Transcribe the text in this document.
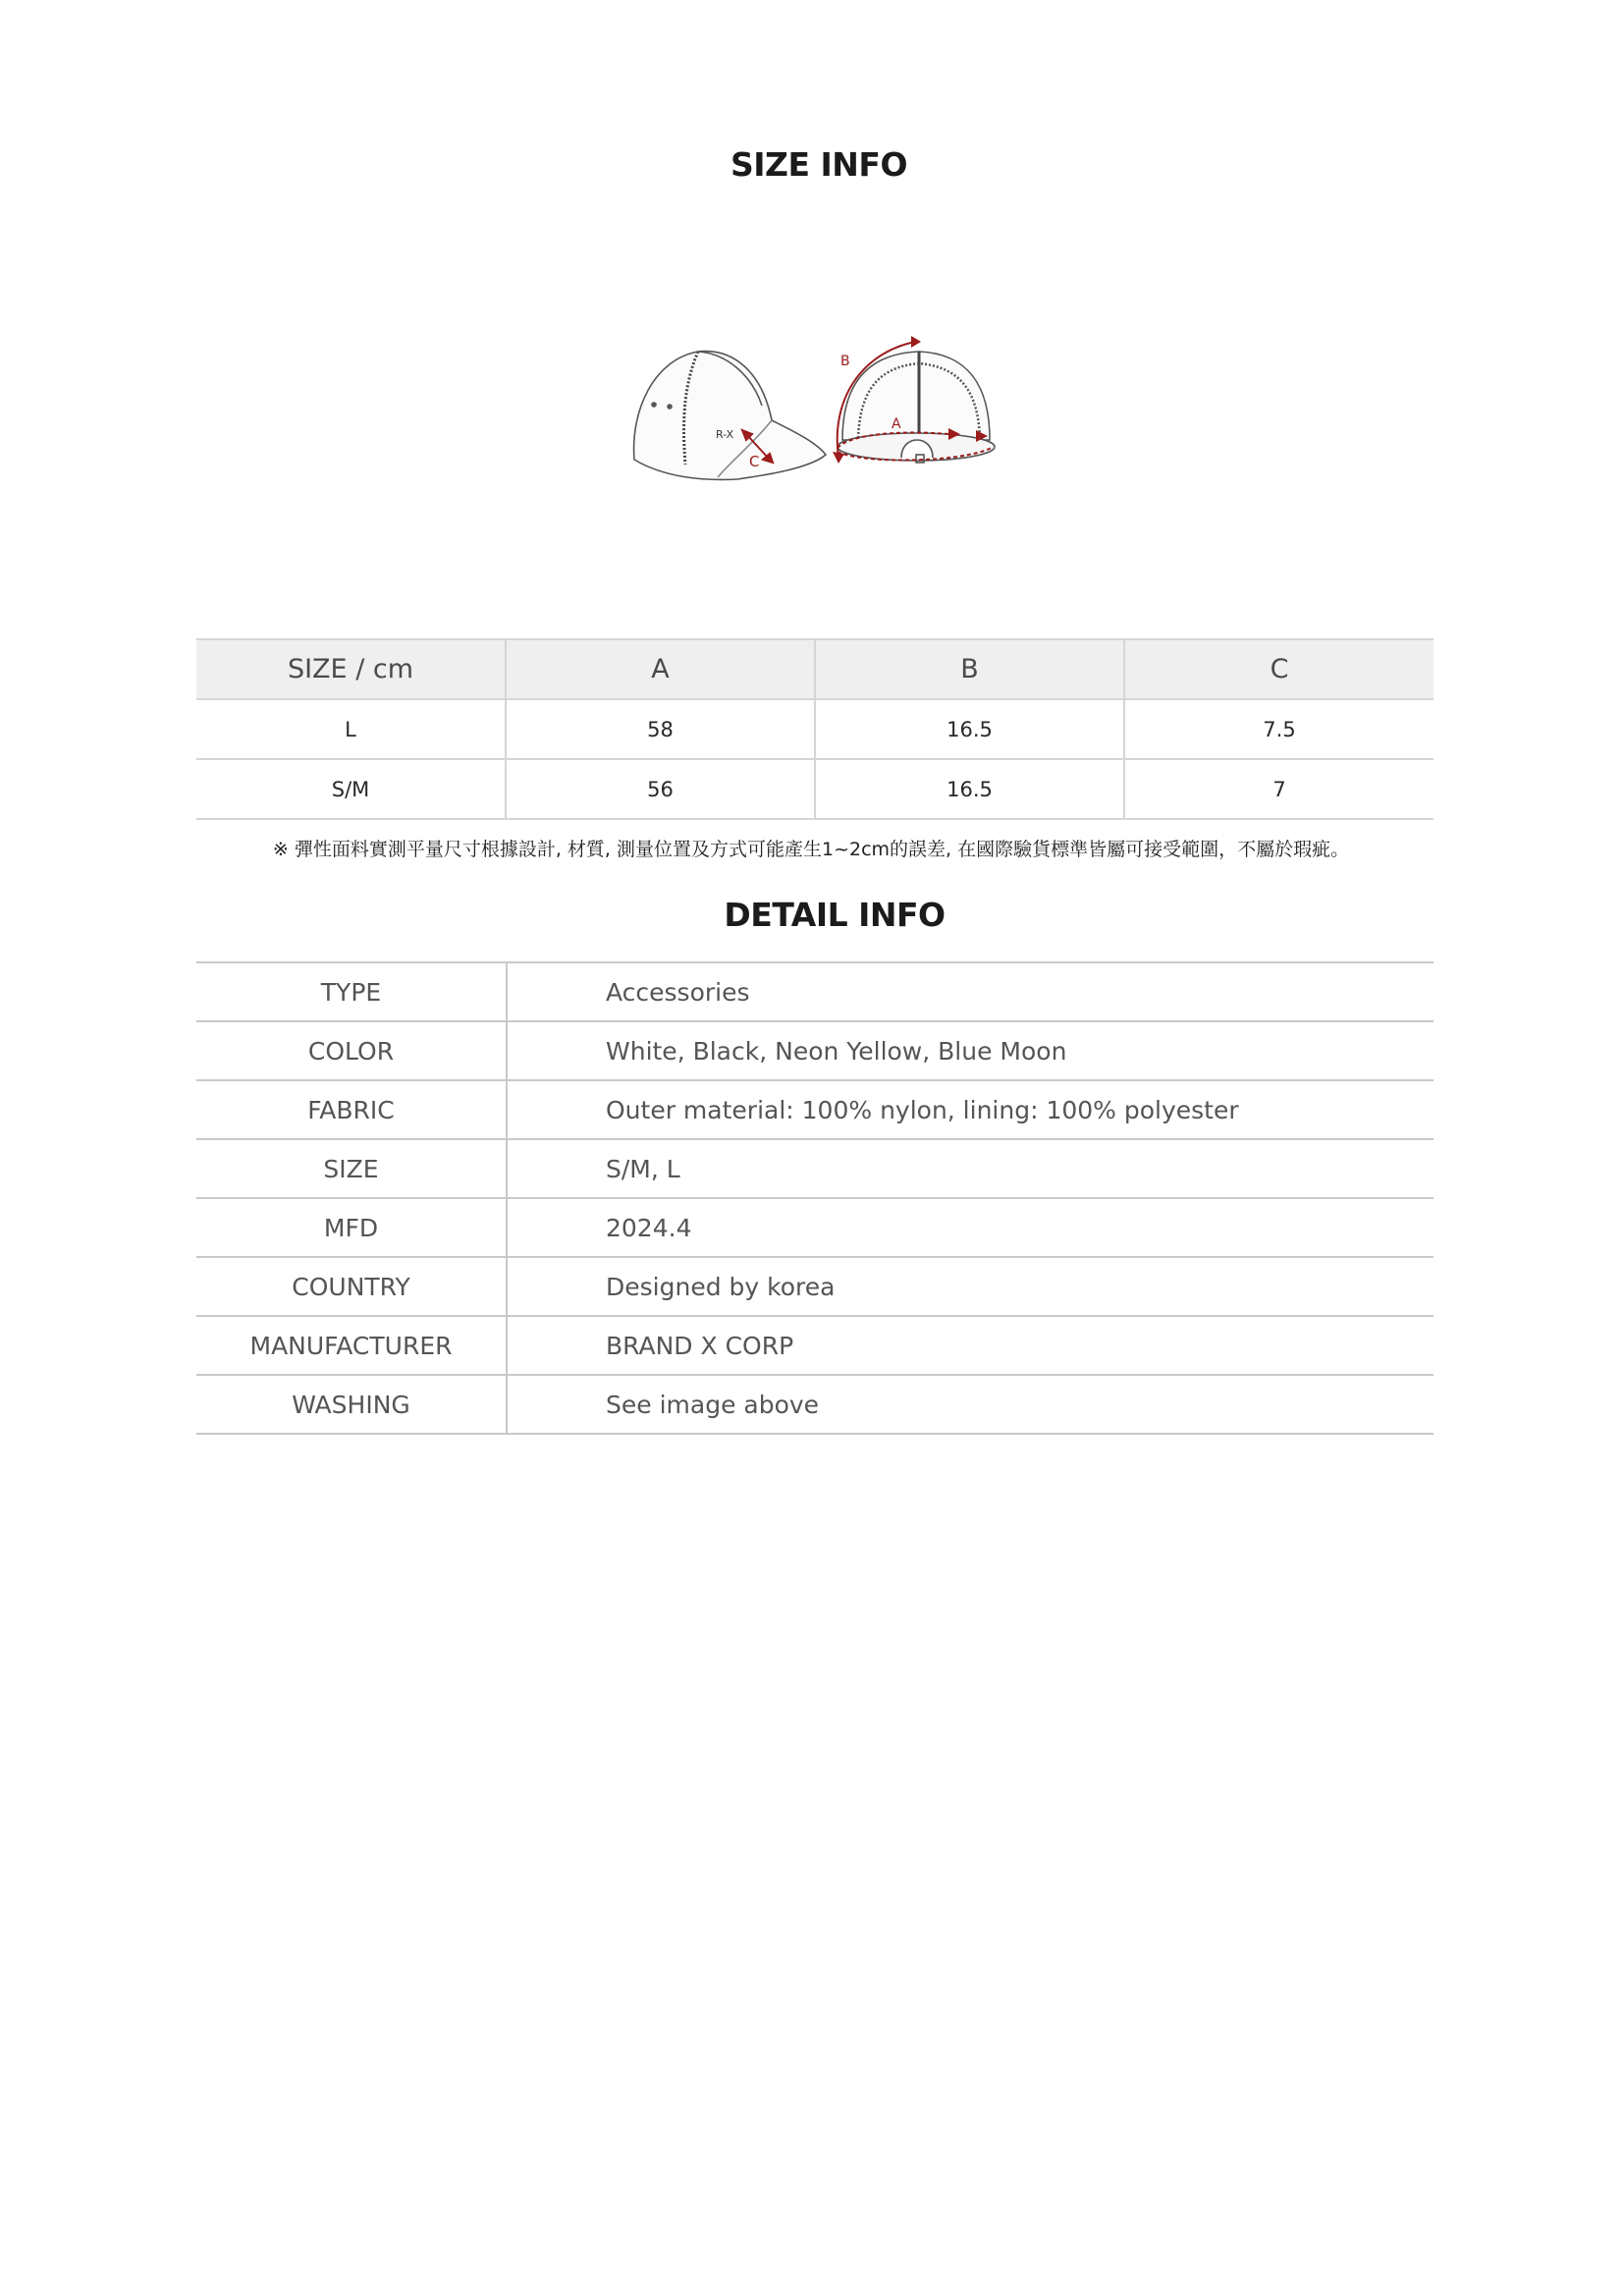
SIZE INFO
R-X
C
B
A
SIZE / cm	A	B	C
L	58	16.5	7.5
S/M	56	16.5	7
※ 彈性面料實測平量尺寸根據設計, 材質, 測量位置及方式可能產生1~2cm的誤差, 在國際驗貨標準皆屬可接受範圍，不屬於瑕疵。
DETAIL INFO
TYPE	Accessories
COLOR	White, Black, Neon Yellow, Blue Moon
FABRIC	Outer material: 100% nylon, lining: 100% polyester
SIZE	S/M, L
MFD	2024.4
COUNTRY	Designed by korea
MANUFACTURER	BRAND X CORP
WASHING	See image above
